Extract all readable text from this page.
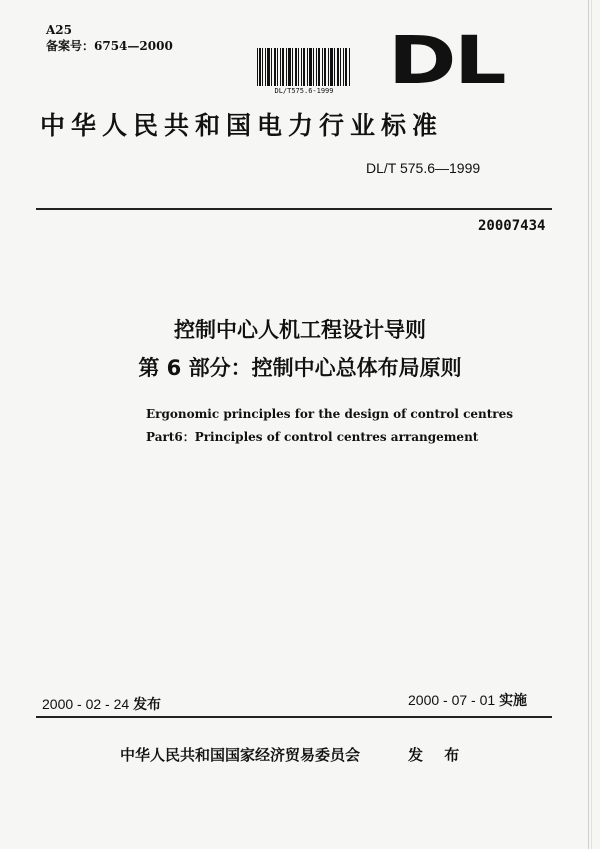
A25
备案号：6754—2000
DL/T575.6-1999 DL
中华人民共和国电力行业标准
DL/T 575.6—1999
20007434
控制中心人机工程设计导则
第 6 部分：控制中心总体布局原则
Ergonomic principles for the design of control centres
Part6：Principles of control centres arrangement
2000 - 02 - 24 发布	2000 - 07 - 01 实施
中华人民共和国国家经济贸易委员会	发 布
